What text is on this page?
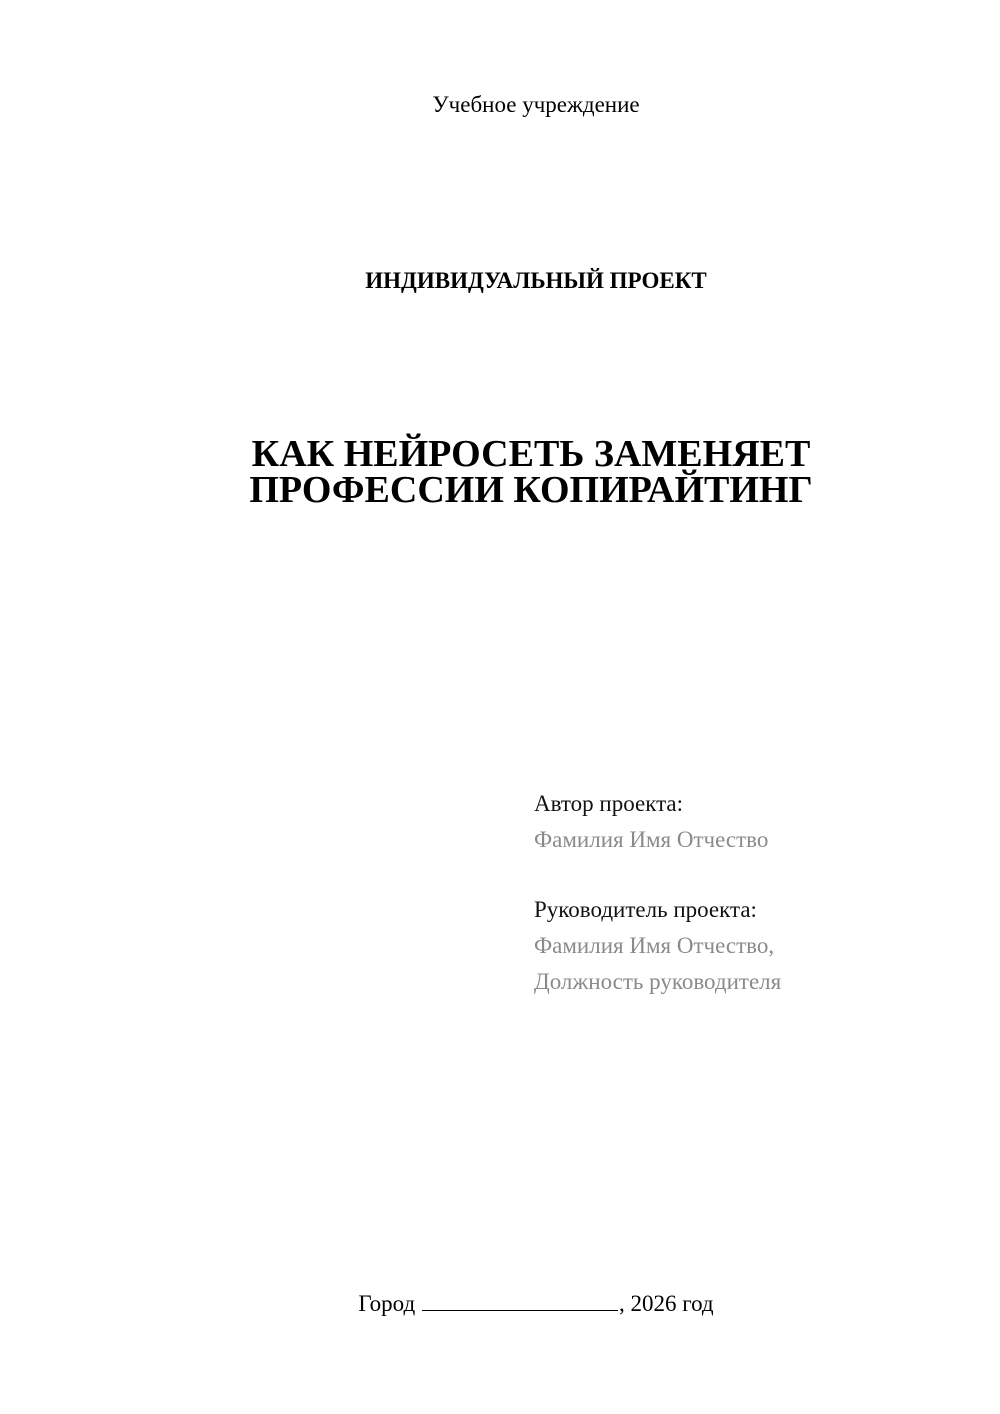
Учебное учреждение
ИНДИВИДУАЛЬНЫЙ ПРОЕКТ
КАК НЕЙРОСЕТЬ ЗАМЕНЯЕТ
ПРОФЕССИИ КОПИРАЙТИНГ
Автор проекта:
Фамилия Имя Отчество
Руководитель проекта:
Фамилия Имя Отчество,
Должность руководителя
Город	, 2026 год
